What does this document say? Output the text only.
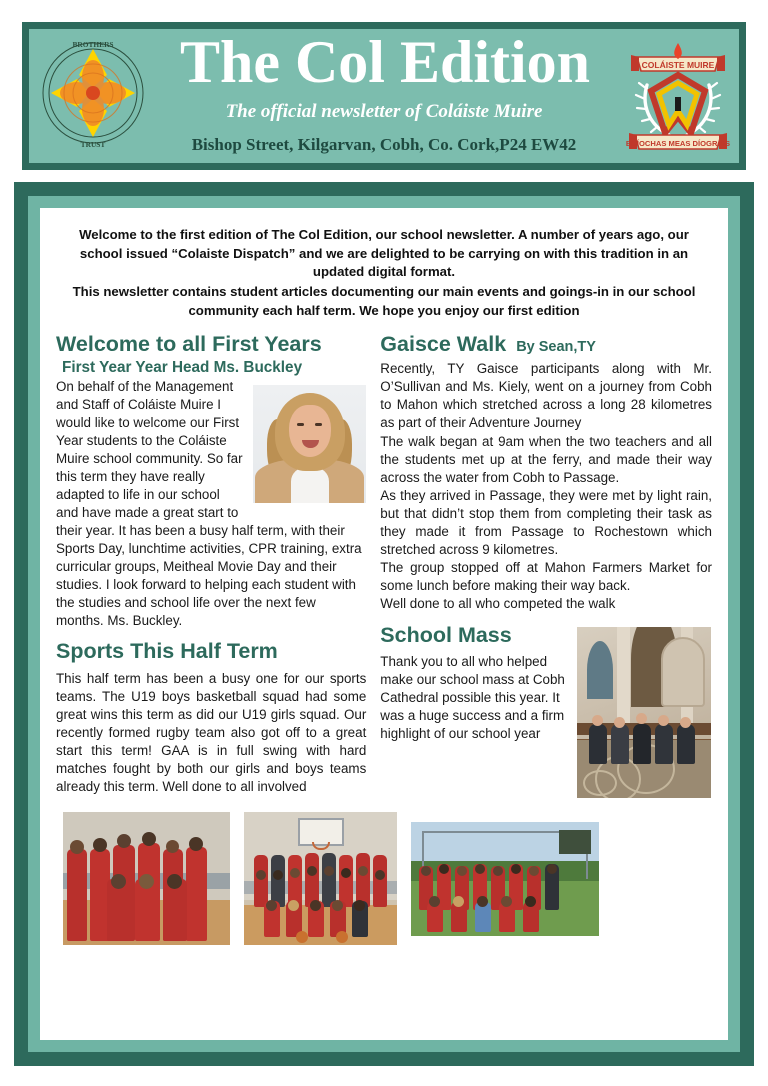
BROTHERS
TRUST
The Col Edition
The official newsletter of Coláiste Muire
Bishop Street, Kilgarvan, Cobh, Co. Cork,P24 EW42
COLÁISTE MUIRE
BUÍOCHAS MEAS DÍOGRAIS

Welcome to the first edition of The Col Edition, our school newsletter. A number of years ago, our school issued “Colaiste Dispatch” and we are delighted to be carrying on with this tradition in an updated digital format.

This newsletter contains student articles documenting our main events and goings-in in our school community each half term. We hope you enjoy our first edition

Welcome to all First Years
First Year Year Head Ms. Buckley

On behalf of the Management and Staff of Coláiste Muire I would like to welcome our First Year students to the Coláiste Muire school community. So far this term they have really adapted to life in our school and have made a great start to their year. It has been a busy half term, with their Sports Day, lunchtime activities, CPR training, extra curricular groups, Meitheal Movie Day and their studies. I look forward to helping each student with the studies and school life over the next few months. Ms. Buckley.

Sports This Half Term

This half term has been a busy one for our sports teams. The U19 boys basketball squad had some great wins this term as did our U19 girls squad. Our recently formed rugby team also got off to a great start this term! GAA is in full swing with hard matches fought by both our girls and boys teams already this term. Well done to all involved

Gaisce Walk By Sean,TY

Recently, TY Gaisce participants along with Mr. O’Sullivan and Ms. Kiely, went on a journey from Cobh to Mahon which stretched across a long 28 kilometres as part of their Adventure Journey

The walk began at 9am when the two teachers and all the students met up at the ferry, and made their way across the water from Cobh to Passage.

As they arrived in Passage, they were met by light rain, but that didn’t stop them from completing their task as they made it from Passage to Rochestown which stretched across 9 kilometres.

The group stopped off at Mahon Farmers Market for some lunch before making their way back.

Well done to all who competed the walk

School Mass

Thank you to all who helped make our school mass at Cobh Cathedral possible this year. It was a huge success and a firm highlight of our school year
